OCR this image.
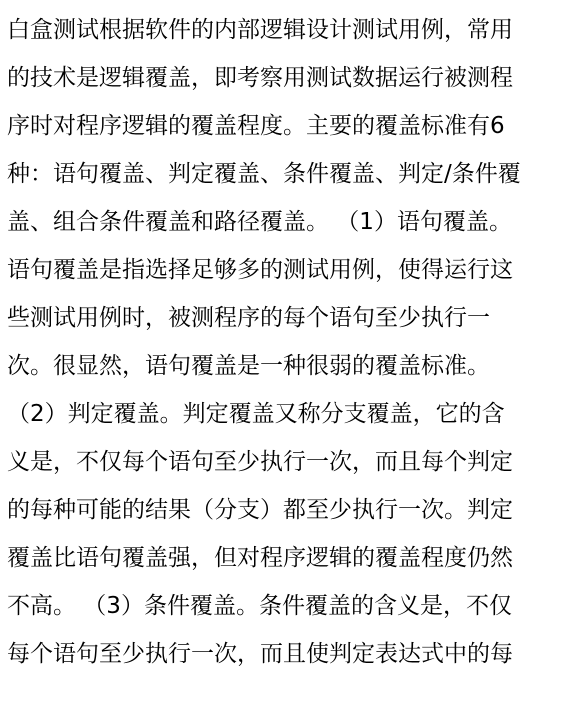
白盒测试根据软件的内部逻辑设计测试用例，常用
的技术是逻辑覆盖，即考察用测试数据运行被测程
序时对程序逻辑的覆盖程度。主要的覆盖标准有6
种：语句覆盖、判定覆盖、条件覆盖、判定/条件覆
盖、组合条件覆盖和路径覆盖。 （1）语句覆盖。
语句覆盖是指选择足够多的测试用例，使得运行这
些测试用例时，被测程序的每个语句至少执行一
次。很显然，语句覆盖是一种很弱的覆盖标准。
（2）判定覆盖。判定覆盖又称分支覆盖，它的含
义是，不仅每个语句至少执行一次，而且每个判定
的每种可能的结果（分支）都至少执行一次。判定
覆盖比语句覆盖强，但对程序逻辑的覆盖程度仍然
不高。 （3）条件覆盖。条件覆盖的含义是，不仅
每个语句至少执行一次，而且使判定表达式中的每
